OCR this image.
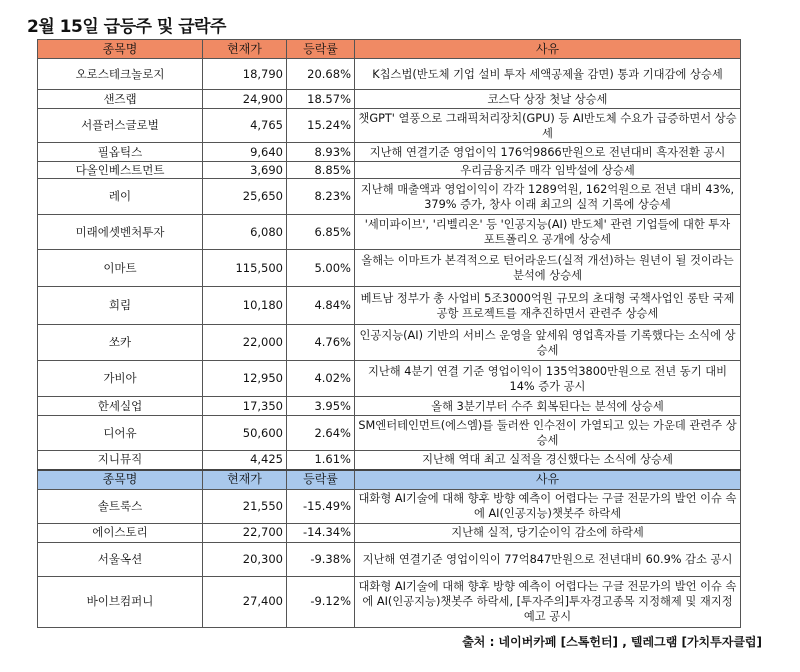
2월 15일 급등주 및 급락주
종목명	현재가	등락률	사유
오로스테크놀로지	18,790	20.68%	K칩스법(반도체 기업 설비 투자 세액공제율 감면) 통과 기대감에 상승세
샌즈랩	24,900	18.57%	코스닥 상장 첫날 상승세
서플러스글로벌	4,765	15.24%	챗GPT' 열풍으로 그래픽처리장치(GPU) 등 AI반도체 수요가 급증하면서 상승세
필옵틱스	9,640	8.93%	지난해 연결기준 영업이익 176억9866만원으로 전년대비 흑자전환 공시
다올인베스트먼트	3,690	8.85%	우리금융지주 매각 임박설에 상승세
레이	25,650	8.23%	지난해 매출액과 영업이익이 각각 1289억원, 162억원으로 전년 대비 43%, 379% 증가, 창사 이래 최고의 실적 기록에 상승세
미래에셋벤처투자	6,080	6.85%	'세미파이브', '리벨리온' 등 '인공지능(AI) 반도체' 관련 기업들에 대한 투자 포트폴리오 공개에 상승세
이마트	115,500	5.00%	올해는 이마트가 본격적으로 턴어라운드(실적 개선)하는 원년이 될 것이라는 분석에 상승세
희림	10,180	4.84%	베트남 정부가 총 사업비 5조3000억원 규모의 초대형 국책사업인 롱탄 국제공항 프로젝트를 재추진하면서 관련주 상승세
쏘카	22,000	4.76%	인공지능(AI) 기반의 서비스 운영을 앞세워 영업흑자를 기록했다는 소식에 상승세
가비아	12,950	4.02%	지난해 4분기 연결 기준 영업이익이 135억3800만원으로 전년 동기 대비 14% 증가 공시
한세실업	17,350	3.95%	올해 3분기부터 수주 회복된다는 분석에 상승세
디어유	50,600	2.64%	SM엔터테인먼트(에스엠)를 둘러싼 인수전이 가열되고 있는 가운데 관련주 상승세
지니뮤직	4,425	1.61%	지난해 역대 최고 실적을 경신했다는 소식에 상승세
종목명	현재가	등락률	사유
솔트룩스	21,550	-15.49%	대화형 AI기술에 대해 향후 방향 예측이 어렵다는 구글 전문가의 발언 이슈 속에 AI(인공지능)챗봇주 하락세
에이스토리	22,700	-14.34%	지난해 실적, 당기순이익 감소에 하락세
서울옥션	20,300	-9.38%	지난해 연결기준 영업이익이 77억847만원으로 전년대비 60.9% 감소 공시
바이브컴퍼니	27,400	-9.12%	대화형 AI기술에 대해 향후 방향 예측이 어렵다는 구글 전문가의 발언 이슈 속에 AI(인공지능)챗봇주 하락세, [투자주의]투자경고종목 지정해제 및 재지정 예고 공시
출처 : 네이버카페 [스톡헌터] , 텔레그램 [가치투자클럽]
